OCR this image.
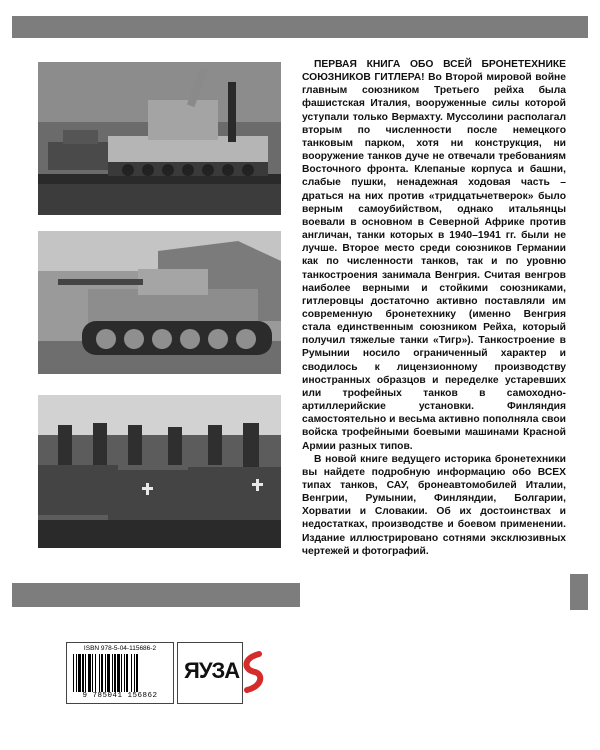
ПЕРВАЯ КНИГА ОБО ВСЕЙ БРОНЕТЕХНИКЕ СОЮЗНИКОВ ГИТЛЕРА! Во Второй мировой войне главным союзником Третьего рейха была фашистская Италия, вооруженные силы которой уступали только Вермахту. Муссолини располагал вторым по численности после немецкого танковым парком, хотя ни конструкция, ни вооружение танков дуче не отвечали требованиям Восточного фронта. Клепаные корпуса и башни, слабые пушки, ненадежная ходовая часть – драться на них против «тридцатьчетверок» было верным самоубийством, однако итальянцы воевали в основном в Северной Африке против англичан, танки которых в 1940–1941 гг. были не лучше. Второе место среди союзников Германии как по численности танков, так и по уровню танкостроения занимала Венгрия. Считая венгров наиболее верными и стойкими союзниками, гитлеровцы достаточно активно поставляли им современную бронетехнику (именно Венгрия стала единственным союзником Рейха, который получил тяжелые танки «Тигр»). Танкостроение в Румынии носило ограниченный характер и сводилось к лицензионному производству иностранных образцов и переделке устаревших или трофейных танков в самоходно-артиллерийские установки. Финляндия самостоятельно и весьма активно пополняла свои войска трофейными боевыми машинами Красной Армии разных типов.

В новой книге ведущего историка бронетехники вы найдете подробную информацию обо ВСЕХ типах танков, САУ, бронеавтомобилей Италии, Венгрии, Румынии, Финляндии, Болгарии, Хорватии и Словакии. Об их достоинствах и недостатках, производстве и боевом применении. Издание иллюстрировано сотнями эксклюзивных чертежей и фотографий.

ISBN 978-5-04-115686-2
9 785041 156862
ЯУЗА
